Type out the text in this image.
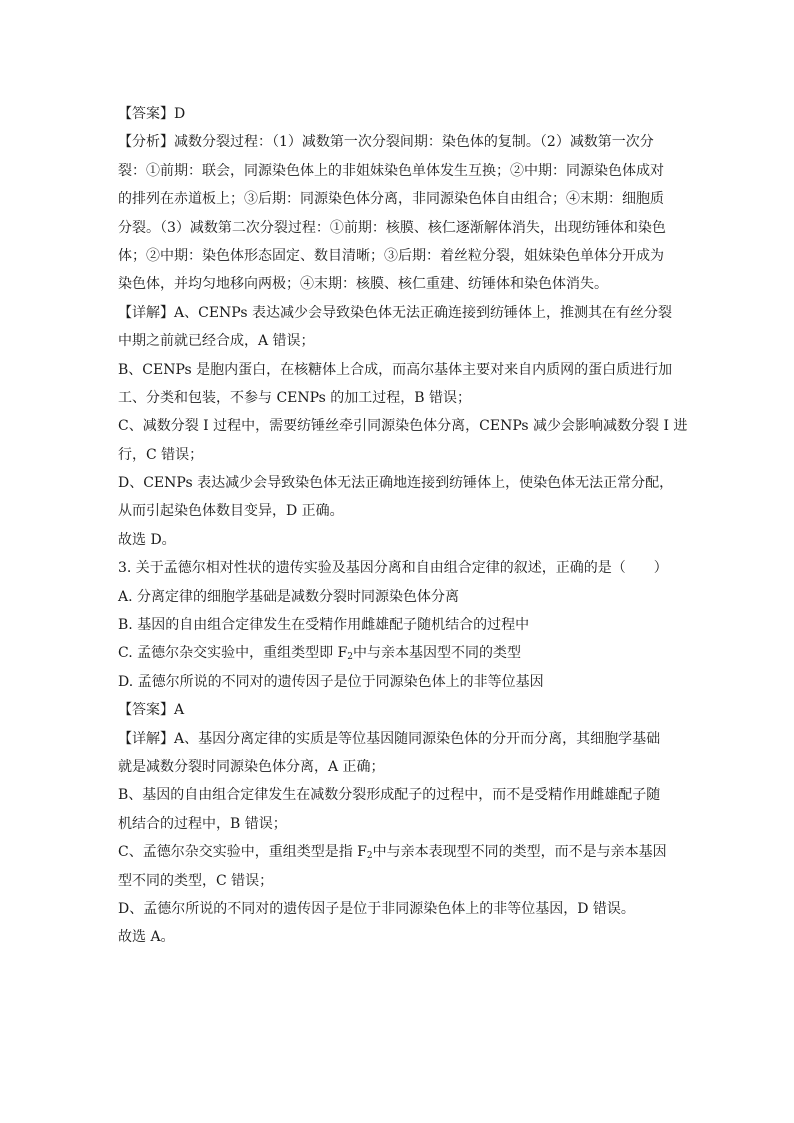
【答案】D
【分析】减数分裂过程：（1）减数第一次分裂间期：染色体的复制。（2）减数第一次分
裂：①前期：联会，同源染色体上的非姐妹染色单体发生互换；②中期：同源染色体成对
的排列在赤道板上；③后期：同源染色体分离，非同源染色体自由组合；④末期：细胞质
分裂。（3）减数第二次分裂过程：①前期：核膜、核仁逐渐解体消失，出现纺锤体和染色
体；②中期：染色体形态固定、数目清晰；③后期：着丝粒分裂，姐妹染色单体分开成为
染色体，并均匀地移向两极；④末期：核膜、核仁重建、纺锤体和染色体消失。
【详解】A、CENPs 表达减少会导致染色体无法正确连接到纺锤体上，推测其在有丝分裂
中期之前就已经合成，A 错误；
B、CENPs 是胞内蛋白，在核糖体上合成，而高尔基体主要对来自内质网的蛋白质进行加
工、分类和包装，不参与 CENPs 的加工过程，B 错误；
C、减数分裂 I 过程中，需要纺锤丝牵引同源染色体分离，CENPs 减少会影响减数分裂 I 进
行，C 错误；
D、CENPs 表达减少会导致染色体无法正确地连接到纺锤体上，使染色体无法正常分配，
从而引起染色体数目变异，D 正确。
故选 D。
3. 关于孟德尔相对性状的遗传实验及基因分离和自由组合定律的叙述，正确的是（　　）
A. 分离定律的细胞学基础是减数分裂时同源染色体分离
B. 基因的自由组合定律发生在受精作用雌雄配子随机结合的过程中
C. 孟德尔杂交实验中，重组类型即 $F_2$中与亲本基因型不同的类型
D. 孟德尔所说的不同对的遗传因子是位于同源染色体上的非等位基因
【答案】A
【详解】A、基因分离定律的实质是等位基因随同源染色体的分开而分离，其细胞学基础
就是减数分裂时同源染色体分离，A 正确；
B、基因的自由组合定律发生在减数分裂形成配子的过程中，而不是受精作用雌雄配子随
机结合的过程中，B 错误；
C、孟德尔杂交实验中，重组类型是指 $F_2$中与亲本表现型不同的类型，而不是与亲本基因
型不同的类型，C 错误；
D、孟德尔所说的不同对的遗传因子是位于非同源染色体上的非等位基因，D 错误。
故选 A。
